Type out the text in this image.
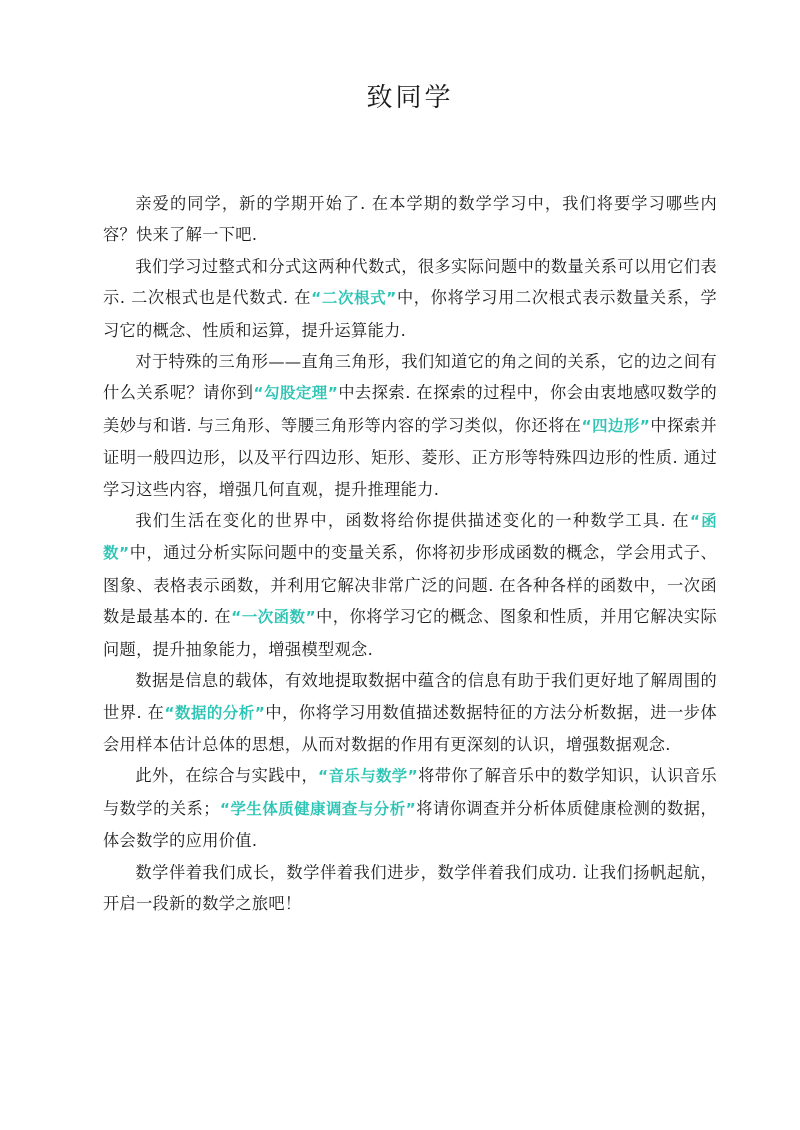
致同学

亲爱的同学，新的学期开始了. 在本学期的数学学习中，我们将要学习哪些内容？快来了解一下吧.

我们学习过整式和分式这两种代数式，很多实际问题中的数量关系可以用它们表示. 二次根式也是代数式. 在“二次根式”中，你将学习用二次根式表示数量关系，学习它的概念、性质和运算，提升运算能力.

对于特殊的三角形——直角三角形，我们知道它的角之间的关系，它的边之间有什么关系呢？请你到“勾股定理”中去探索. 在探索的过程中，你会由衷地感叹数学的美妙与和谐. 与三角形、等腰三角形等内容的学习类似，你还将在“四边形”中探索并证明一般四边形，以及平行四边形、矩形、菱形、正方形等特殊四边形的性质. 通过学习这些内容，增强几何直观，提升推理能力.

我们生活在变化的世界中，函数将给你提供描述变化的一种数学工具. 在“函数”中，通过分析实际问题中的变量关系，你将初步形成函数的概念，学会用式子、图象、表格表示函数，并利用它解决非常广泛的问题. 在各种各样的函数中，一次函数是最基本的. 在“一次函数”中，你将学习它的概念、图象和性质，并用它解决实际问题，提升抽象能力，增强模型观念.

数据是信息的载体，有效地提取数据中蕴含的信息有助于我们更好地了解周围的世界. 在“数据的分析”中，你将学习用数值描述数据特征的方法分析数据，进一步体会用样本估计总体的思想，从而对数据的作用有更深刻的认识，增强数据观念.

此外，在综合与实践中，“音乐与数学”将带你了解音乐中的数学知识，认识音乐与数学的关系；“学生体质健康调查与分析”将请你调查并分析体质健康检测的数据，体会数学的应用价值.

数学伴着我们成长，数学伴着我们进步，数学伴着我们成功. 让我们扬帆起航，开启一段新的数学之旅吧！
